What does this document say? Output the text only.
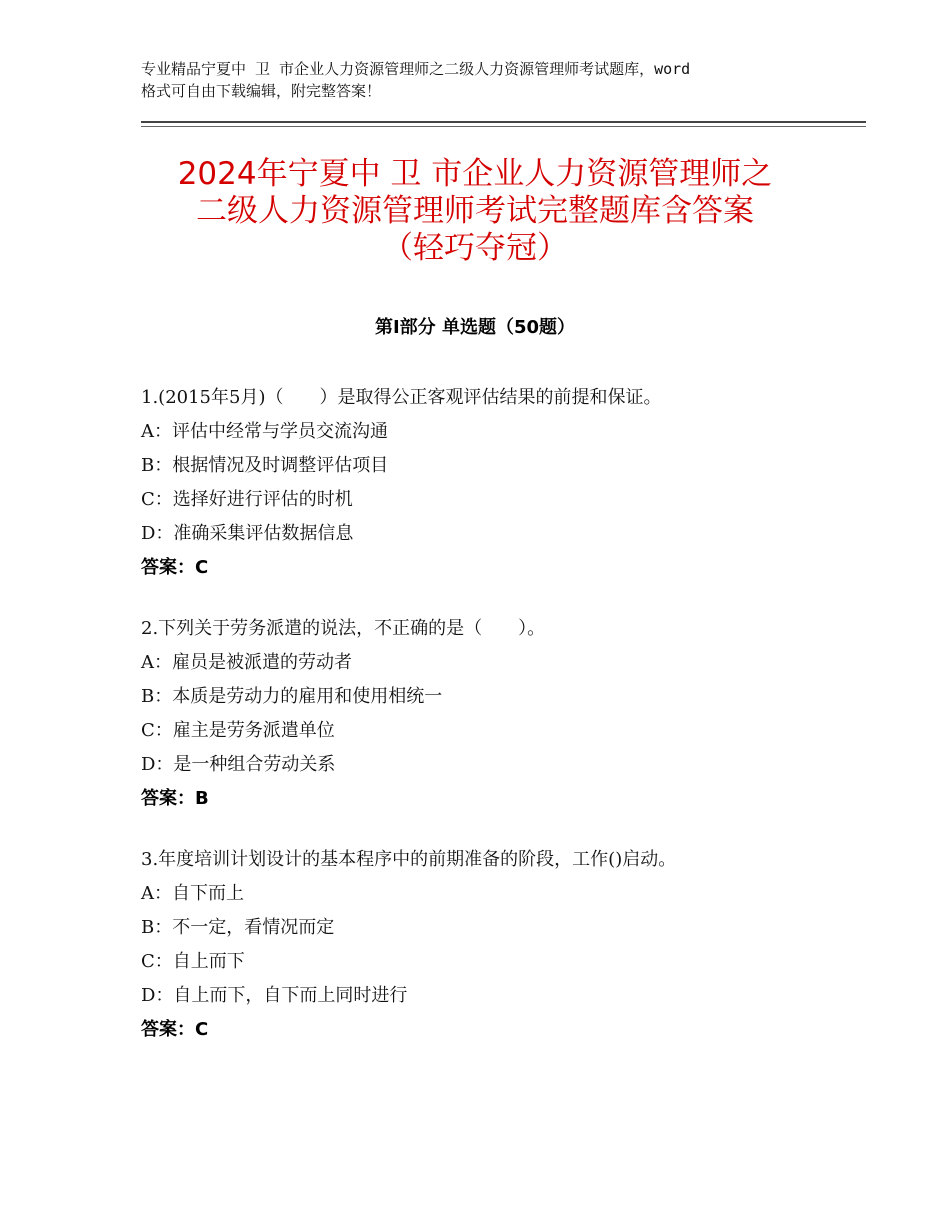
专业精品宁夏中 卫 市企业人力资源管理师之二级人力资源管理师考试题库，word
格式可自由下载编辑，附完整答案！
2024年宁夏中 卫 市企业人力资源管理师之
二级人力资源管理师考试完整题库含答案
（轻巧夺冠）
第Ⅰ部分 单选题（50题）
1.(2015年5月)（　　）是取得公正客观评估结果的前提和保证。
A：评估中经常与学员交流沟通
B：根据情况及时调整评估项目
C：选择好进行评估的时机
D：准确采集评估数据信息
答案：C
2.下列关于劳务派遣的说法，不正确的是（　　）。
A：雇员是被派遣的劳动者
B：本质是劳动力的雇用和使用相统一
C：雇主是劳务派遣单位
D：是一种组合劳动关系
答案：B
3.年度培训计划设计的基本程序中的前期准备的阶段，工作()启动。
A：自下而上
B：不一定，看情况而定
C：自上而下
D：自上而下，自下而上同时进行
答案：C
